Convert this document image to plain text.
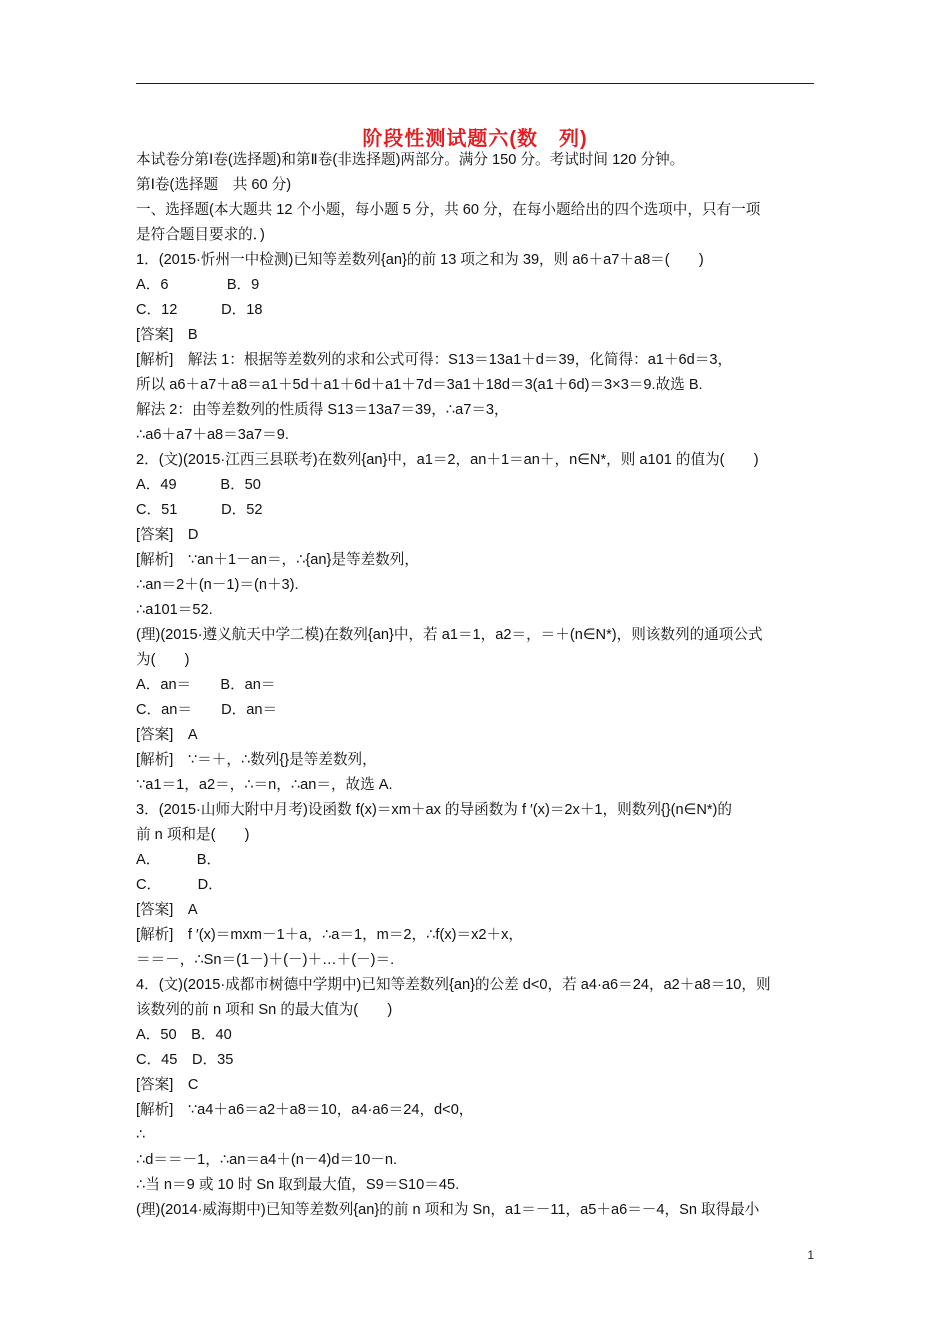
阶段性测试题六(数　列)
本试卷分第Ⅰ卷(选择题)和第Ⅱ卷(非选择题)两部分。满分 150 分。考试时间 120 分钟。
第Ⅰ卷(选择题　共 60 分)
一、选择题(本大题共 12 个小题，每小题 5 分，共 60 分，在每小题给出的四个选项中，只有一项
是符合题目要求的．)
1．(2015·忻州一中检测)已知等差数列{an}的前 13 项之和为 39，则 a6＋a7＋a8＝(　　)
A．6　　　　B．9
C．12　　　D．18
[答案]　B
[解析]　解法 1：根据等差数列的求和公式可得：S13＝13a1＋d＝39，化简得：a1＋6d＝3，
所以 a6＋a7＋a8＝a1＋5d＋a1＋6d＋a1＋7d＝3a1＋18d＝3(a1＋6d)＝3×3＝9.故选 B.
解法 2：由等差数列的性质得 S13＝13a7＝39，∴a7＝3，
∴a6＋a7＋a8＝3a7＝9.
2．(文)(2015·江西三县联考)在数列{an}中，a1＝2，an＋1＝an＋，n∈N*，则 a101 的值为(　　)
A．49　　　B．50
C．51　　　D．52
[答案]　D
[解析]　∵an＋1－an＝，∴{an}是等差数列，
∴an＝2＋(n－1)＝(n＋3).
∴a101＝52.
(理)(2015·遵义航天中学二模)在数列{an}中，若 a1＝1，a2＝，＝＋(n∈N*)，则该数列的通项公式
为(　　)
A．an＝　　B．an＝
C．an＝　　D．an＝
[答案]　A
[解析]　∵＝＋，∴数列{}是等差数列，
∵a1＝1，a2＝，∴＝n，∴an＝，故选 A.
3．(2015·山师大附中月考)设函数 f(x)＝xm＋ax 的导函数为 f ′(x)＝2x＋1，则数列{}(n∈N*)的
前 n 项和是(　　)
A．　　　B．
C．　　　D．
[答案]　A
[解析]　f ′(x)＝mxm－1＋a，∴a＝1，m＝2，∴f(x)＝x2＋x，
＝＝－，∴Sn＝(1－)＋(－)＋…＋(－)＝.
4．(文)(2015·成都市树德中学期中)已知等差数列{an}的公差 d<0，若 a4·a6＝24，a2＋a8＝10，则
该数列的前 n 项和 Sn 的最大值为(　　)
A．50　B．40
C．45　D．35
[答案]　C
[解析]　∵a4＋a6＝a2＋a8＝10，a4·a6＝24，d<0，
∴
∴d＝＝－1，∴an＝a4＋(n－4)d＝10－n.
∴当 n＝9 或 10 时 Sn 取到最大值，S9＝S10＝45.
(理)(2014·威海期中)已知等差数列{an}的前 n 项和为 Sn，a1＝－11，a5＋a6＝－4，Sn 取得最小
1
